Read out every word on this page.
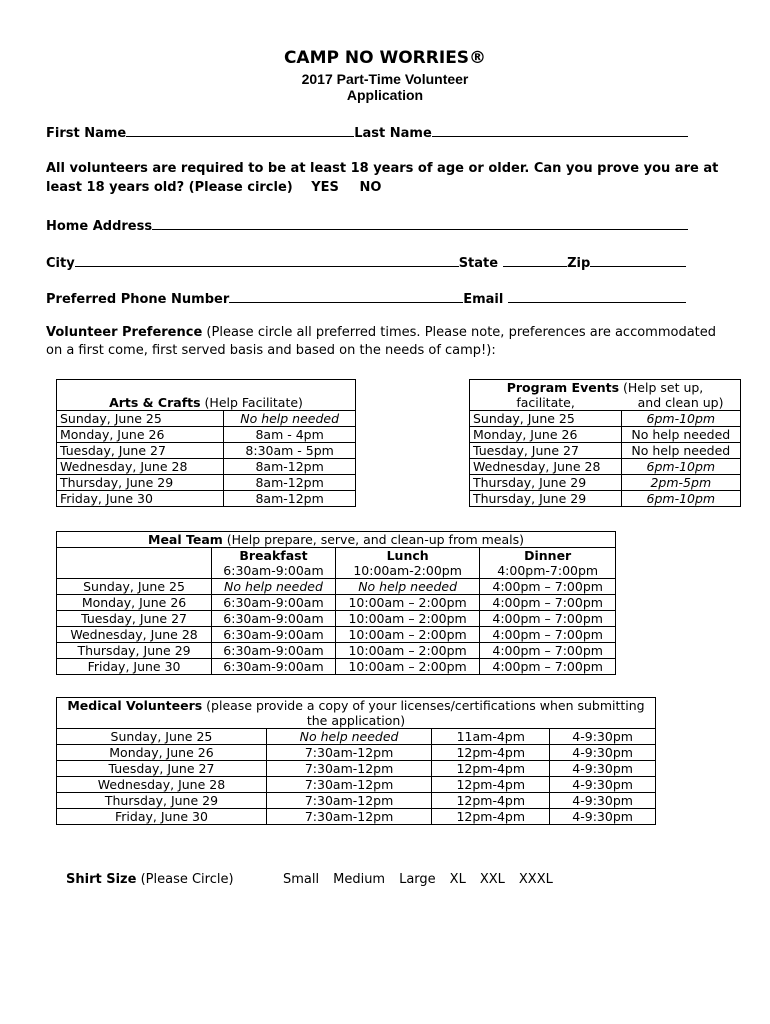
CAMP NO WORRIES®
2017 Part-Time Volunteer
Application
First Name	Last Name
All volunteers are required to be at least 18 years of age or older. Can you prove you are at
least 18 years old? (Please circle) YES NO
Home Address
City	State	Zip
Preferred Phone Number	Email
Volunteer Preference (Please circle all preferred times. Please note, preferences are accommodated
on a first come, first served basis and based on the needs of camp!):

Arts & Crafts (Help Facilitate)	
Sunday, June 25	No help needed
Monday, June 26	8am - 4pm
Tuesday, June 27	8:30am - 5pm
Wednesday, June 28	8am-12pm
Thursday, June 29	8am-12pm
Friday, June 30	8am-12pm
Program Events (Help set up,	
facilitate,	and clean up)
Sunday, June 25	6pm-10pm
Monday, June 26	No help needed
Tuesday, June 27	No help needed
Wednesday, June 28	6pm-10pm
Thursday, June 29	2pm-5pm
Thursday, June 29	6pm-10pm
Meal Team (Help prepare, serve, and clean-up from meals)			
	Breakfast	Lunch	Dinner
	6:30am-9:00am	10:00am-2:00pm	4:00pm-7:00pm
Sunday, June 25	No help needed	No help needed	4:00pm – 7:00pm
Monday, June 26	6:30am-9:00am	10:00am – 2:00pm	4:00pm – 7:00pm
Tuesday, June 27	6:30am-9:00am	10:00am – 2:00pm	4:00pm – 7:00pm
Wednesday, June 28	6:30am-9:00am	10:00am – 2:00pm	4:00pm – 7:00pm
Thursday, June 29	6:30am-9:00am	10:00am – 2:00pm	4:00pm – 7:00pm
Friday, June 30	6:30am-9:00am	10:00am – 2:00pm	4:00pm – 7:00pm
Medical Volunteers (please provide a copy of your licenses/certifications when submitting			
the application)			
Sunday, June 25	No help needed	11am-4pm	4-9:30pm
Monday, June 26	7:30am-12pm	12pm-4pm	4-9:30pm
Tuesday, June 27	7:30am-12pm	12pm-4pm	4-9:30pm
Wednesday, June 28	7:30am-12pm	12pm-4pm	4-9:30pm
Thursday, June 29	7:30am-12pm	12pm-4pm	4-9:30pm
Friday, June 30	7:30am-12pm	12pm-4pm	4-9:30pm
Shirt Size (Please Circle)	Small Medium Large XL XXL XXXL
